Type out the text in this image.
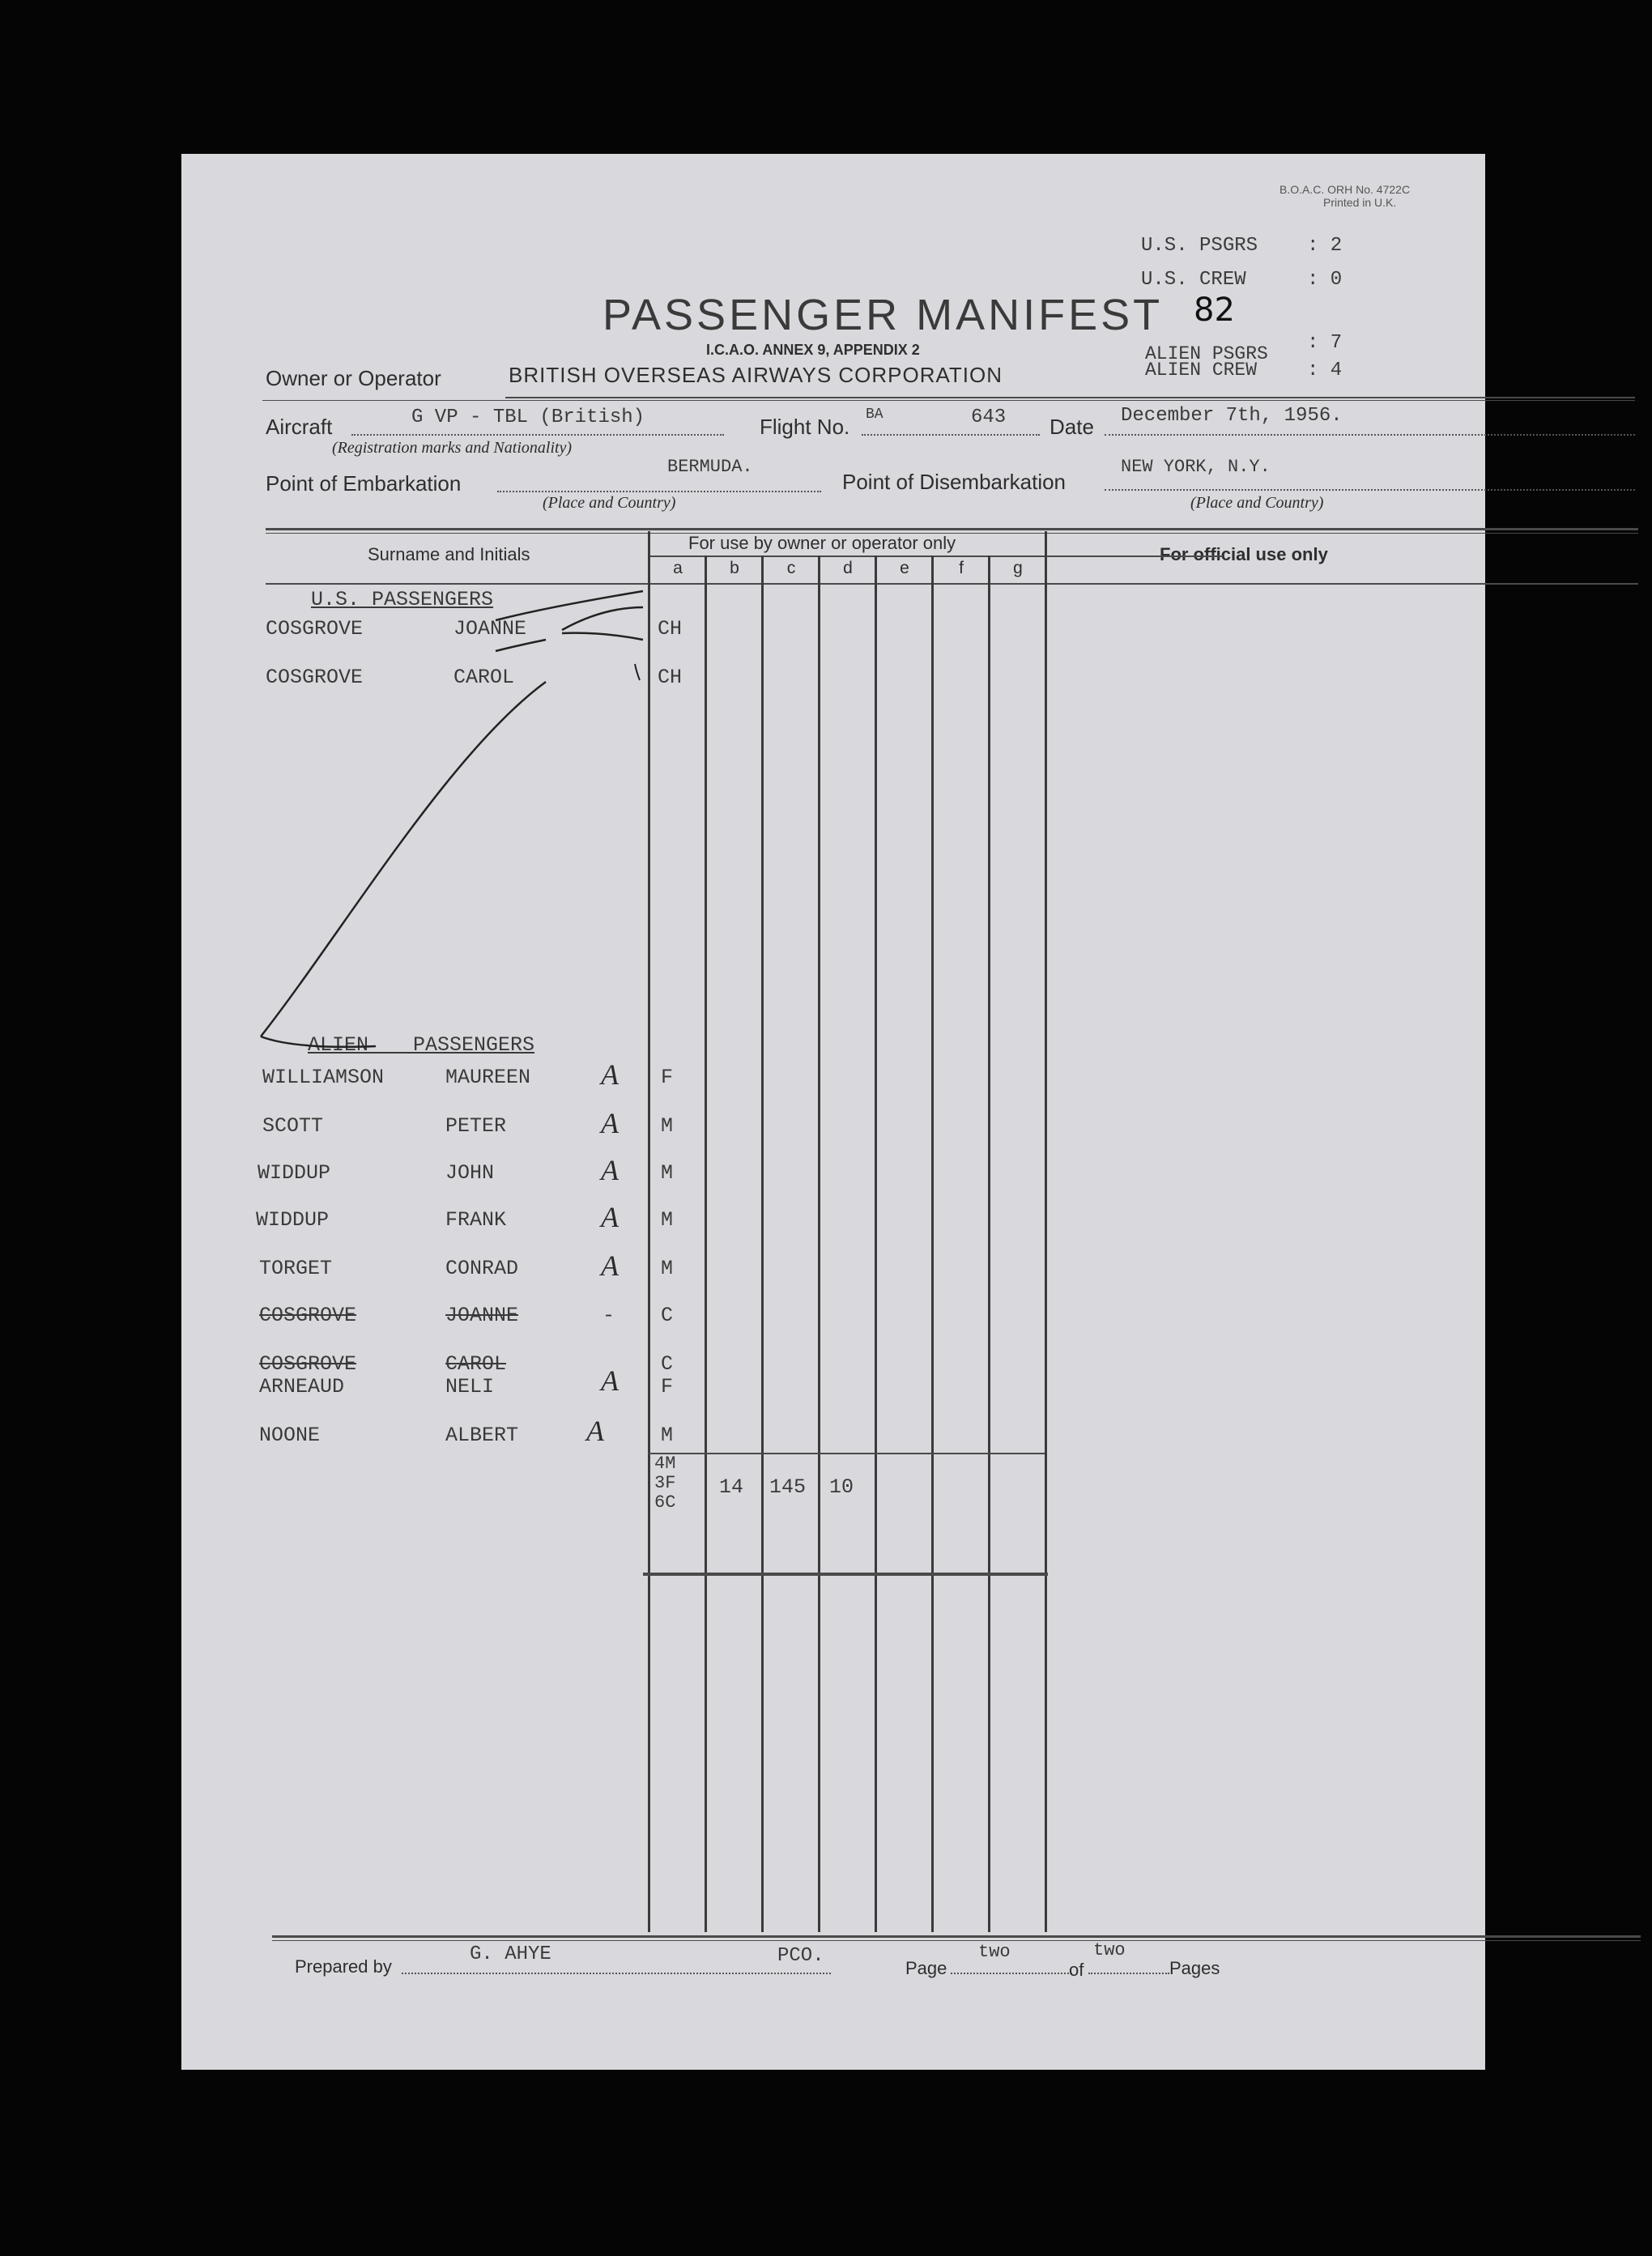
B.O.A.C. ORH No. 4722C
Printed in U.K.
U.S. PSGRS	: 2
U.S. CREW	: 0
ALIEN PSGRS : 7
ALIEN CREW	: 4
PASSENGER MANIFEST 82
I.C.A.O. ANNEX 9, APPENDIX 2
Owner or Operator	BRITISH OVERSEAS AIRWAYS CORPORATION
Aircraft	G VP - TBL (British)
(Registration marks and Nationality)
Flight No. BA	643 Date December 7th, 1956.
Point of Embarkation
BERMUDA.
(Place and Country)
Point of Disembarkation
NEW YORK, N.Y.
(Place and Country)
Surname and Initials
For use by owner or operator only
For official use only
a	b	c	d	e	f	g
U.S. PASSENGERS
COSGROVE	JOANNE	CH
COSGROVE	CAROL	CH
ALIEN PASSENGERS
WILLIAMSON	MAUREEN A F
SCOTT	PETER	A M
WIDDUP	JOHN	A M
WIDDUP	FRANK	A M
TORGET	CONRAD	A M
COSGROVE	JOANNE	- C
COSGROVE	CAROL	C
ARNEAUD	NELI	A F
NOONE	ALBERT A	M
4M
3F
6C
14 145 10
Prepared by
G. AHYE	PCO.
Page
two
of
two
Pages
